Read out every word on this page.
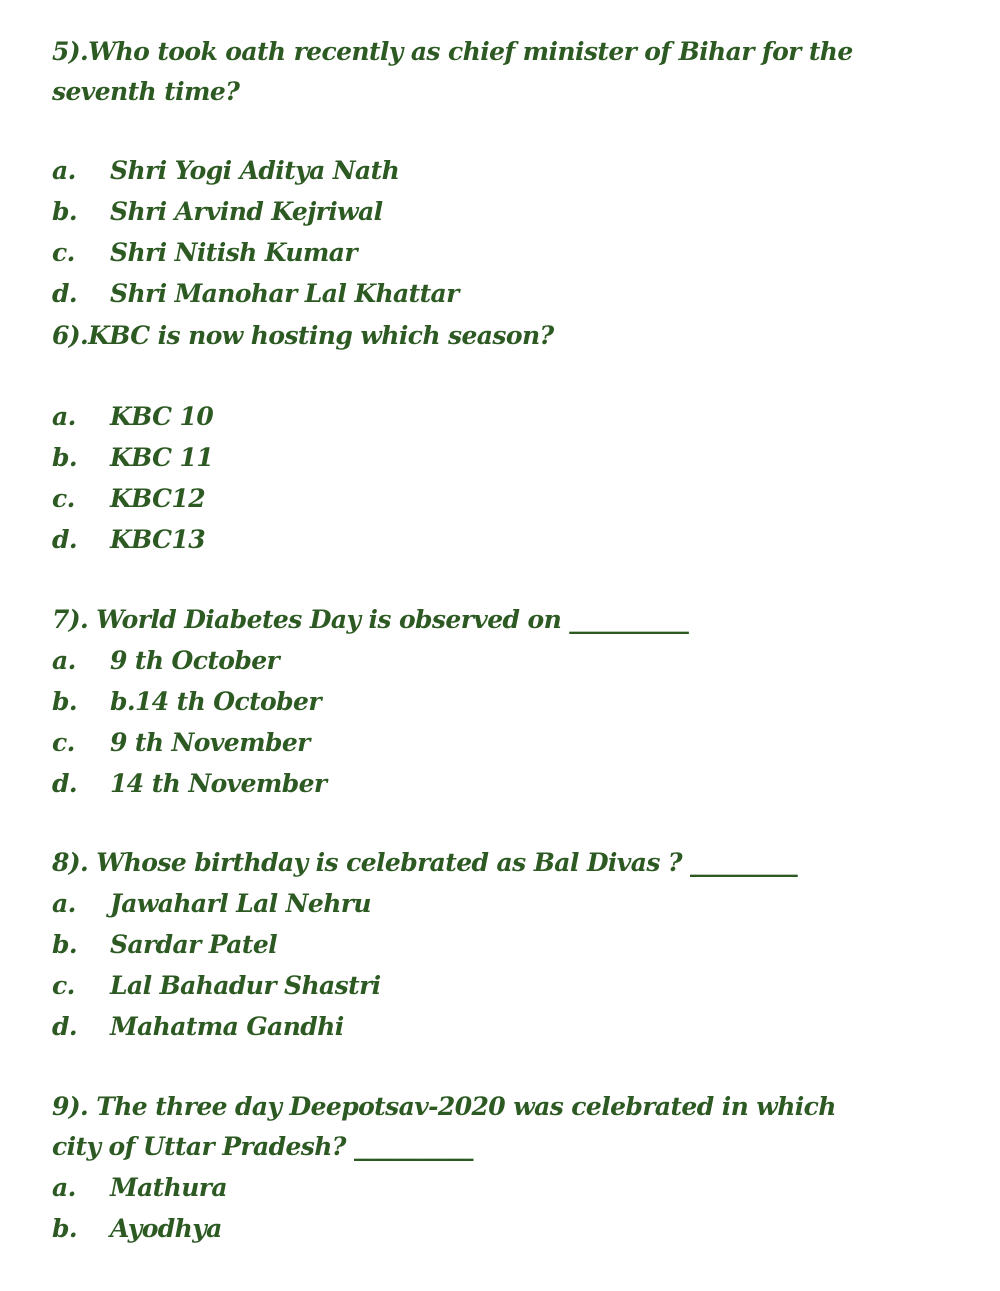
5).Who took oath recently as chief minister of Bihar for the seventh time?

a.	Shri Yogi Aditya Nath
b.	Shri Arvind Kejriwal
c.	Shri Nitish Kumar
d.	Shri Manohar Lal Khattar

6).KBC is now hosting which season?

a.	KBC 10
b.	KBC 11
c.	KBC12
d.	KBC13

7). World Diabetes Day is observed on __________

a.	9 th October
b.	b.14 th October
c.	9 th November
d.	14 th November

8). Whose birthday is celebrated as Bal Divas ? _________

a.	Jawaharl Lal Nehru
b.	Sardar Patel
c.	Lal Bahadur Shastri
d.	Mahatma Gandhi

9). The three day Deepotsav-2020 was celebrated in which city of Uttar Pradesh? __________

a.	Mathura
b.	Ayodhya
